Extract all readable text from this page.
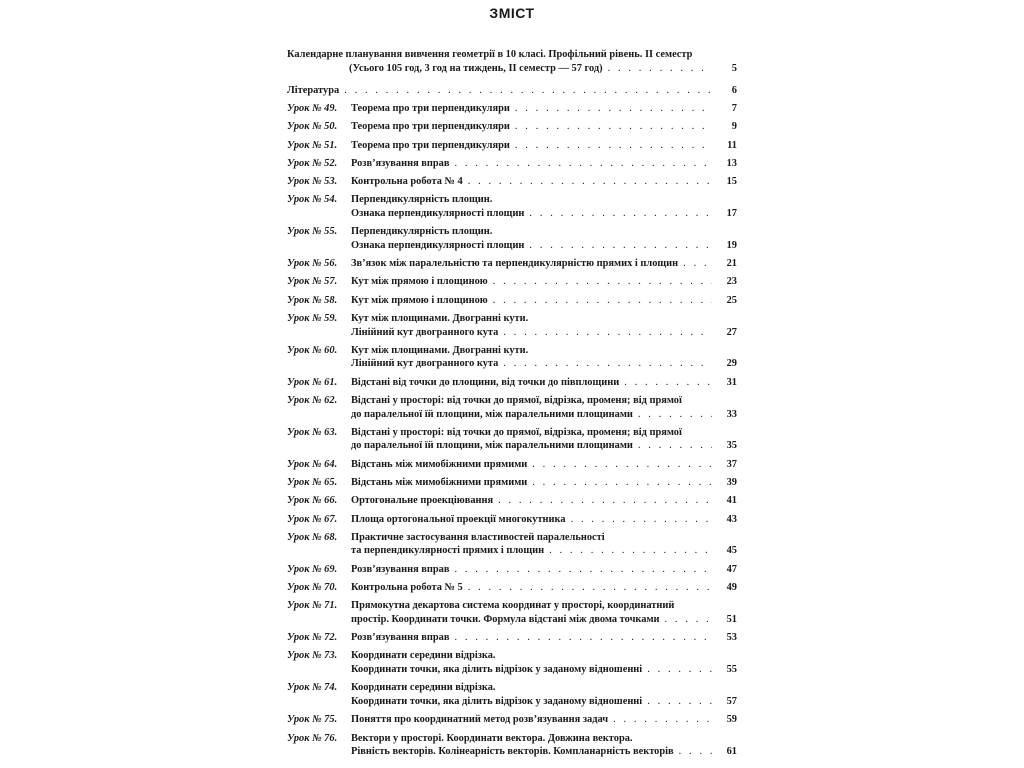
ЗМІСТ
Календарне планування вивчення геометрії в 10 класі. Профільний рівень. ІІ семестр
(Усього 105 год, 3 год на тиждень, ІІ семестр — 57 год) . . .	5
Література . . .	6
Урок № 49.	Теорема про три перпендикуляри . . .	7
Урок № 50.	Теорема про три перпендикуляри . . .	9
Урок № 51.	Теорема про три перпендикуляри . . .	11
Урок № 52.	Розв’язування вправ . . .	13
Урок № 53.	Контрольна робота № 4 . . .	15
Урок № 54.	Перпендикулярність площин.
Ознака перпендикулярності площин . . .	17
Урок № 55.	Перпендикулярність площин.
Ознака перпендикулярності площин . . .	19
Урок № 56.	Зв’язок між паралельністю та перпендикулярністю прямих і площин . . .	21
Урок № 57.	Кут між прямою і площиною . . .	23
Урок № 58.	Кут між прямою і площиною . . .	25
Урок № 59.	Кут між площинами. Двогранні кути.
Лінійний кут двогранного кута . . .	27
Урок № 60.	Кут між площинами. Двогранні кути.
Лінійний кут двогранного кута . . .	29
Урок № 61.	Відстані від точки до площини, від точки до півплощини . . .	31
Урок № 62.	Відстані у просторі: від точки до прямої, відрізка, променя; від прямої
до паралельної їй площини, між паралельними площинами . . .	33
Урок № 63.	Відстані у просторі: від точки до прямої, відрізка, променя; від прямої
до паралельної їй площини, між паралельними площинами . . .	35
Урок № 64.	Відстань між мимобіжними прямими . . .	37
Урок № 65.	Відстань між мимобіжними прямими . . .	39
Урок № 66.	Ортогональне проекціювання . . .	41
Урок № 67.	Площа ортогональної проекції многокутника . . .	43
Урок № 68.	Практичне застосування властивостей паралельності
та перпендикулярності прямих і площин . . .	45
Урок № 69.	Розв’язування вправ . . .	47
Урок № 70.	Контрольна робота № 5 . . .	49
Урок № 71.	Прямокутна декартова система координат у просторі, координатний
простір. Координати точки. Формула відстані між двома точками . . .	51
Урок № 72.	Розв’язування вправ . . .	53
Урок № 73.	Координати середини відрізка.
Координати точки, яка ділить відрізок у заданому відношенні . . .	55
Урок № 74.	Координати середини відрізка.
Координати точки, яка ділить відрізок у заданому відношенні . . .	57
Урок № 75.	Поняття про координатний метод розв’язування задач . . .	59
Урок № 76.	Вектори у просторі. Координати вектора. Довжина вектора.
Рівність векторів. Колінеарність векторів. Компланарність векторів . . .	61
